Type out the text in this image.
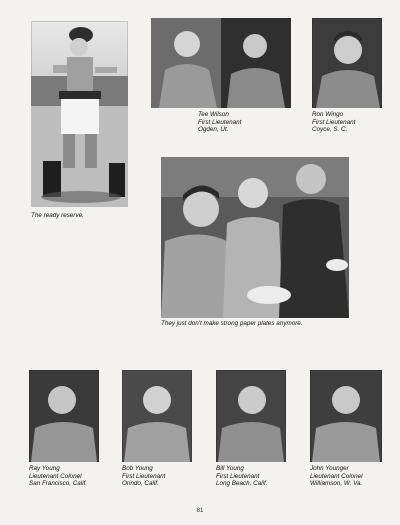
The ready reserve.
Tee Wilson
First Lieutenant
Ogden, Ut.
Ron Wingo
First Lieutenant
Coyce, S. C.
They just don't make strong paper plates anymore.
Ray Young
Lieutenant Colonel
San Francisco, Calif.
Bob Young
First Lieutenant
Orindo, Calif.
Bill Young
First Lieutenant
Long Beach, Calif.
John Younger
Lieutenant Colonel
Williamson, W. Va.
81
